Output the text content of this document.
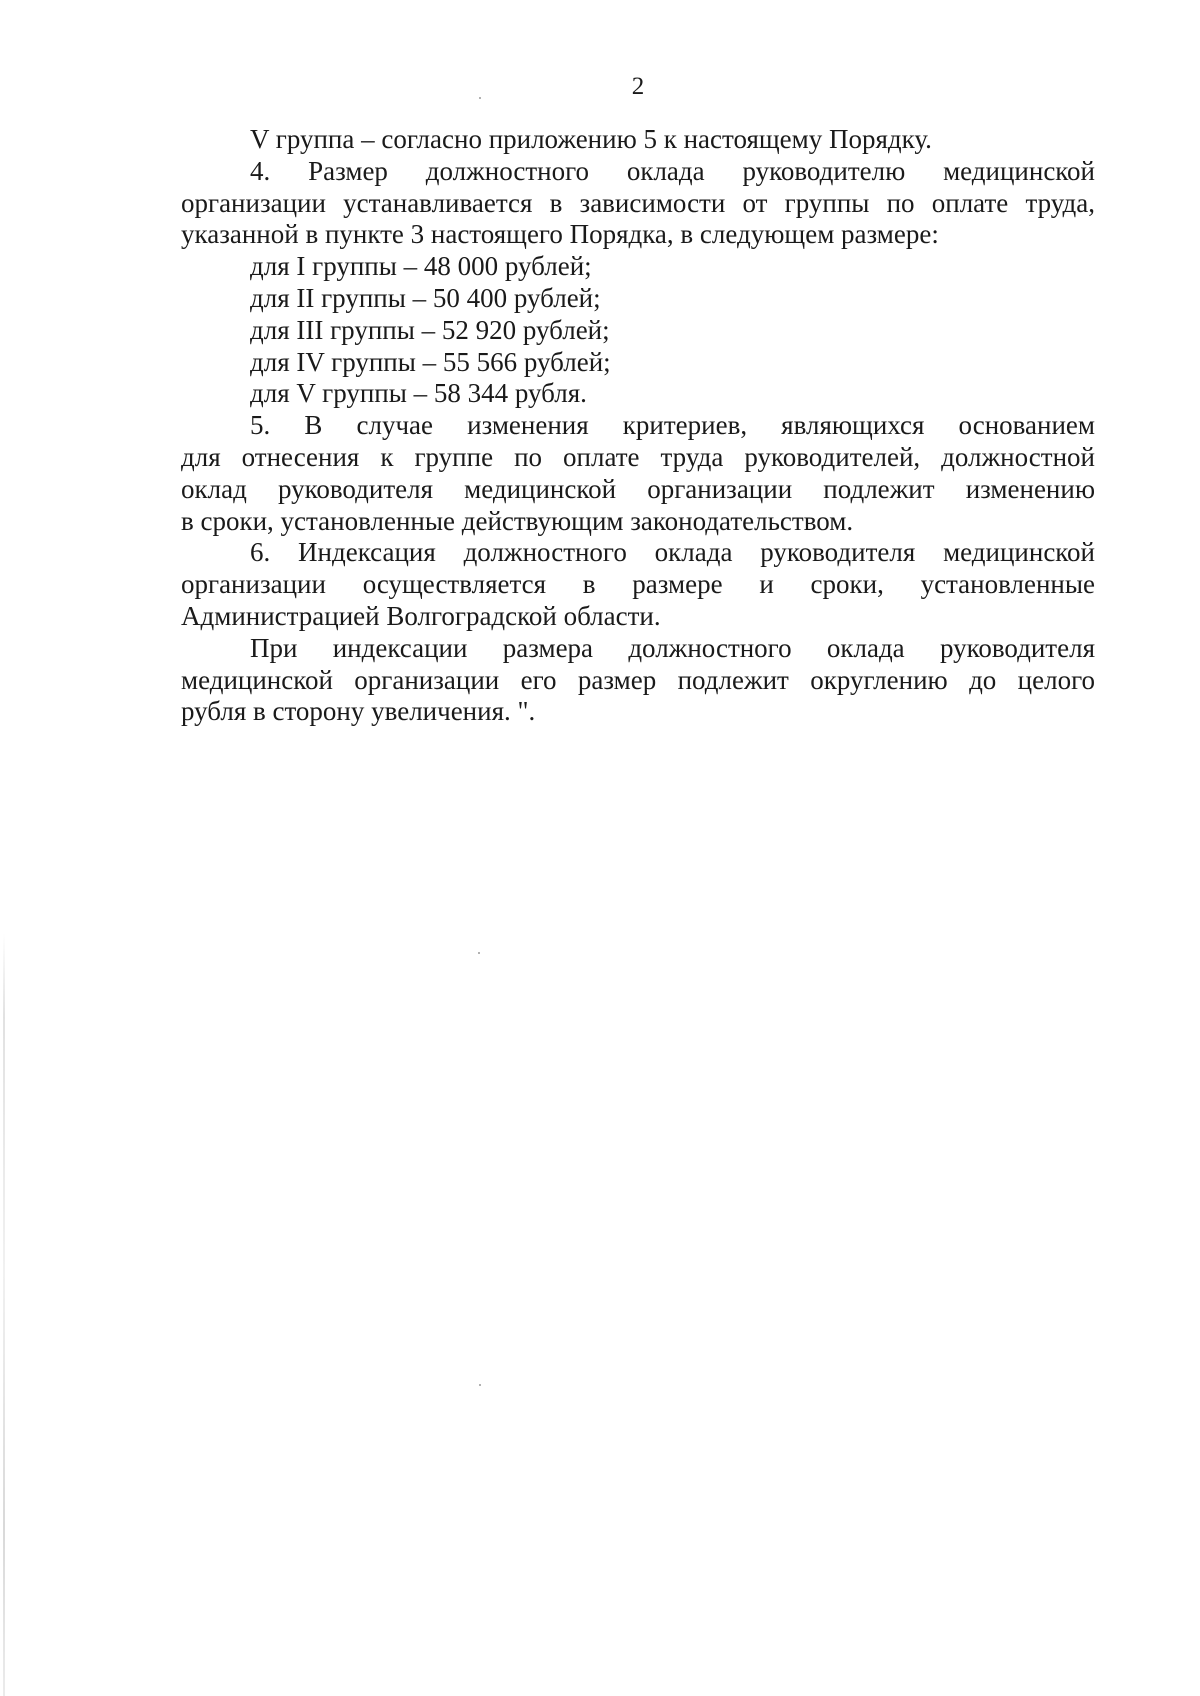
2
V группа – согласно приложению 5 к настоящему Порядку.
4. Размер должностного оклада руководителю медицинской
организации устанавливается в зависимости от группы по оплате труда,
указанной в пункте 3 настоящего Порядка, в следующем размере:
для I группы – 48 000 рублей;
для II группы – 50 400 рублей;
для III группы – 52 920 рублей;
для IV группы – 55 566 рублей;
для V группы – 58 344 рубля.
5. В случае изменения критериев, являющихся основанием
для отнесения к группе по оплате труда руководителей, должностной
оклад руководителя медицинской организации подлежит изменению
в сроки, установленные действующим законодательством.
6. Индексация должностного оклада руководителя медицинской
организации осуществляется в размере и сроки, установленные
Администрацией Волгоградской области.
При индексации размера должностного оклада руководителя
медицинской организации его размер подлежит округлению до целого
рубля в сторону увеличения. ".
